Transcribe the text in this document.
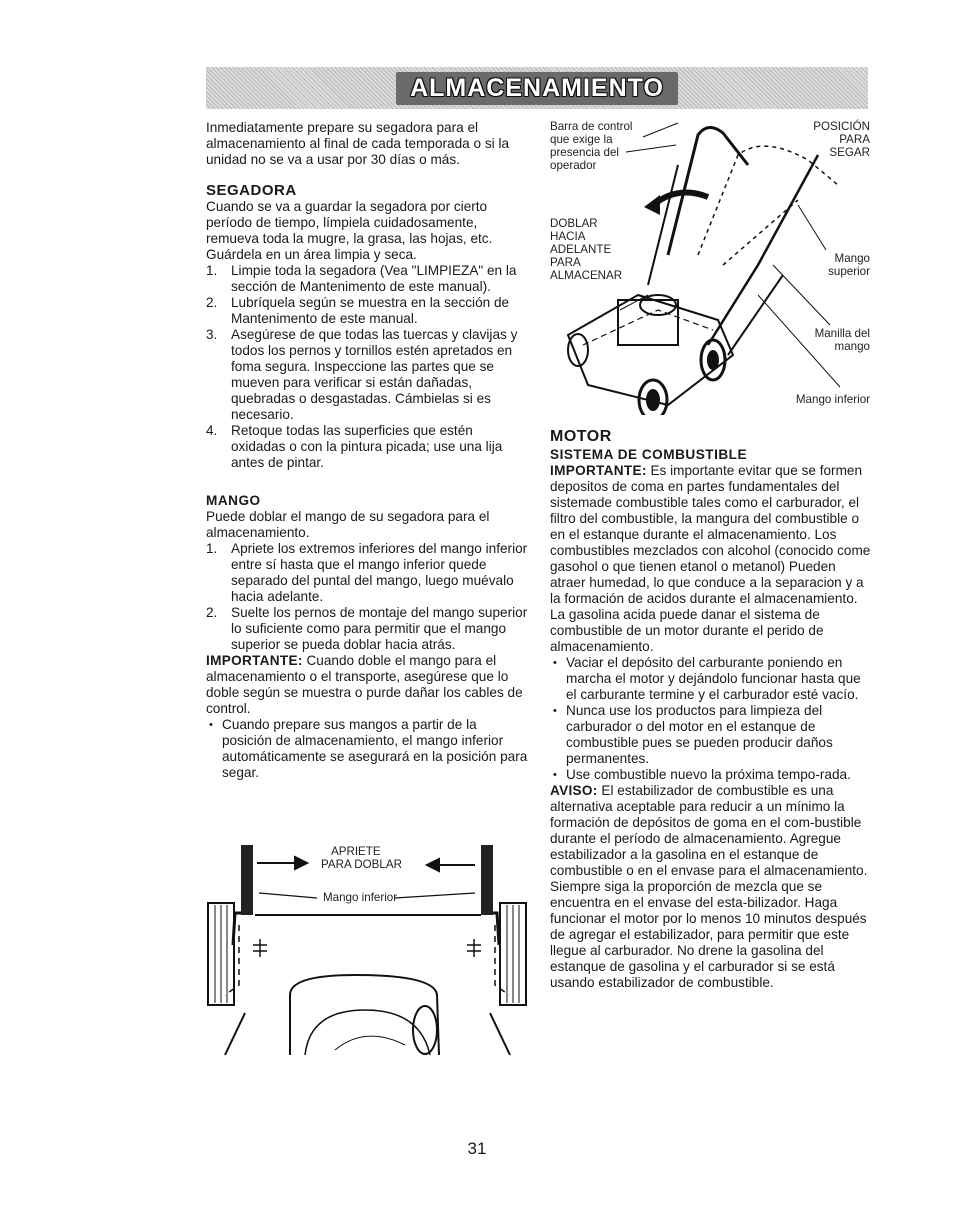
ALMACENAMIENTO

Inmediatamente prepare su segadora para el almacenamiento al final de cada temporada o si la unidad no se va a usar por 30 días o más.

SEGADORA

Cuando se va a guardar la segadora por cierto período de tiempo, límpiela cuidadosamente, remueva toda la mugre, la grasa, las hojas, etc. Guárdela en un área limpia y seca.

1. Limpie toda la segadora (Vea "LIMPIEZA" en la sección de Mantenimento de este manual).
2. Lubríquela según se muestra en la sección de Mantenimento de este manual.
3. Asegúrese de que todas las tuercas y clavijas y todos los pernos y tornillos estén apretados en foma segura. Inspeccione las partes que se mueven para verificar si están dañadas, quebradas o desgastadas. Cámbielas si es necesario.
4. Retoque todas las superficies que estén oxidadas o con la pintura picada; use una lija antes de pintar.
MANGO

Puede doblar el mango de su segadora para el almacenamiento.

1. Apriete los extremos inferiores del mango inferior entre sí hasta que el mango inferior quede separado del puntal del mango, luego muévalo hacia adelante.
2. Suelte los pernos de montaje del mango superior lo suficiente como para permitir que el mango superior se pueda doblar hacia atrás.

IMPORTANTE: Cuando doble el mango para el almacenamiento o el transporte, asegúrese que lo doble según se muestra o purde dañar los cables de control.

• Cuando prepare sus mangos a partir de la posición de almacenamiento, el mango inferior automáticamente se asegurará en la posición para segar.
APRIETE
PARA DOBLAR
Mango inferior
Barra de control
que exige la
presencia del
operador
DOBLAR
HACIA
ADELANTE
PARA
ALMACENAR
POSICIÓN
PARA
SEGAR
Mango
superior
Manilla del
mango
Mango inferior
MOTOR
SISTEMA DE COMBUSTIBLE

IMPORTANTE: Es importante evitar que se formen depositos de coma en partes fundamentales del sistemade combustible tales como el carburador, el filtro del combustible, la mangura del combustible o en el estanque durante el almacenamiento. Los combustibles mezclados con alcohol (conocido come gasohol o que tienen etanol o metanol) Pueden atraer humedad, lo que conduce a la separacion y a la formación de acidos durante el almacenamiento. La gasolina acida puede danar el sistema de combustible de un motor durante el perido de almacenamiento.

• Vaciar el depósito del carburante poniendo en marcha el motor y dejándolo funcionar hasta que el carburante termine y el carburador esté vacío.
• Nunca use los productos para limpieza del carburador o del motor en el estanque de combustible pues se pueden producir daños permanentes.
• Use combustible nuevo la próxima tempo-rada.

AVISO: El estabilizador de combustible es una alternativa aceptable para reducir a un mínimo la formación de depósitos de goma en el com-bustible durante el período de almacenamiento. Agregue estabilizador a la gasolina en el estanque de combustible o en el envase para el almacenamiento. Siempre siga la proporción de mezcla que se encuentra en el envase del esta-bilizador. Haga funcionar el motor por lo menos 10 minutos después de agregar el estabilizador, para permitir que este llegue al carburador. No drene la gasolina del estanque de gasolina y el carburador si se está usando estabilizador de combustible.

31
